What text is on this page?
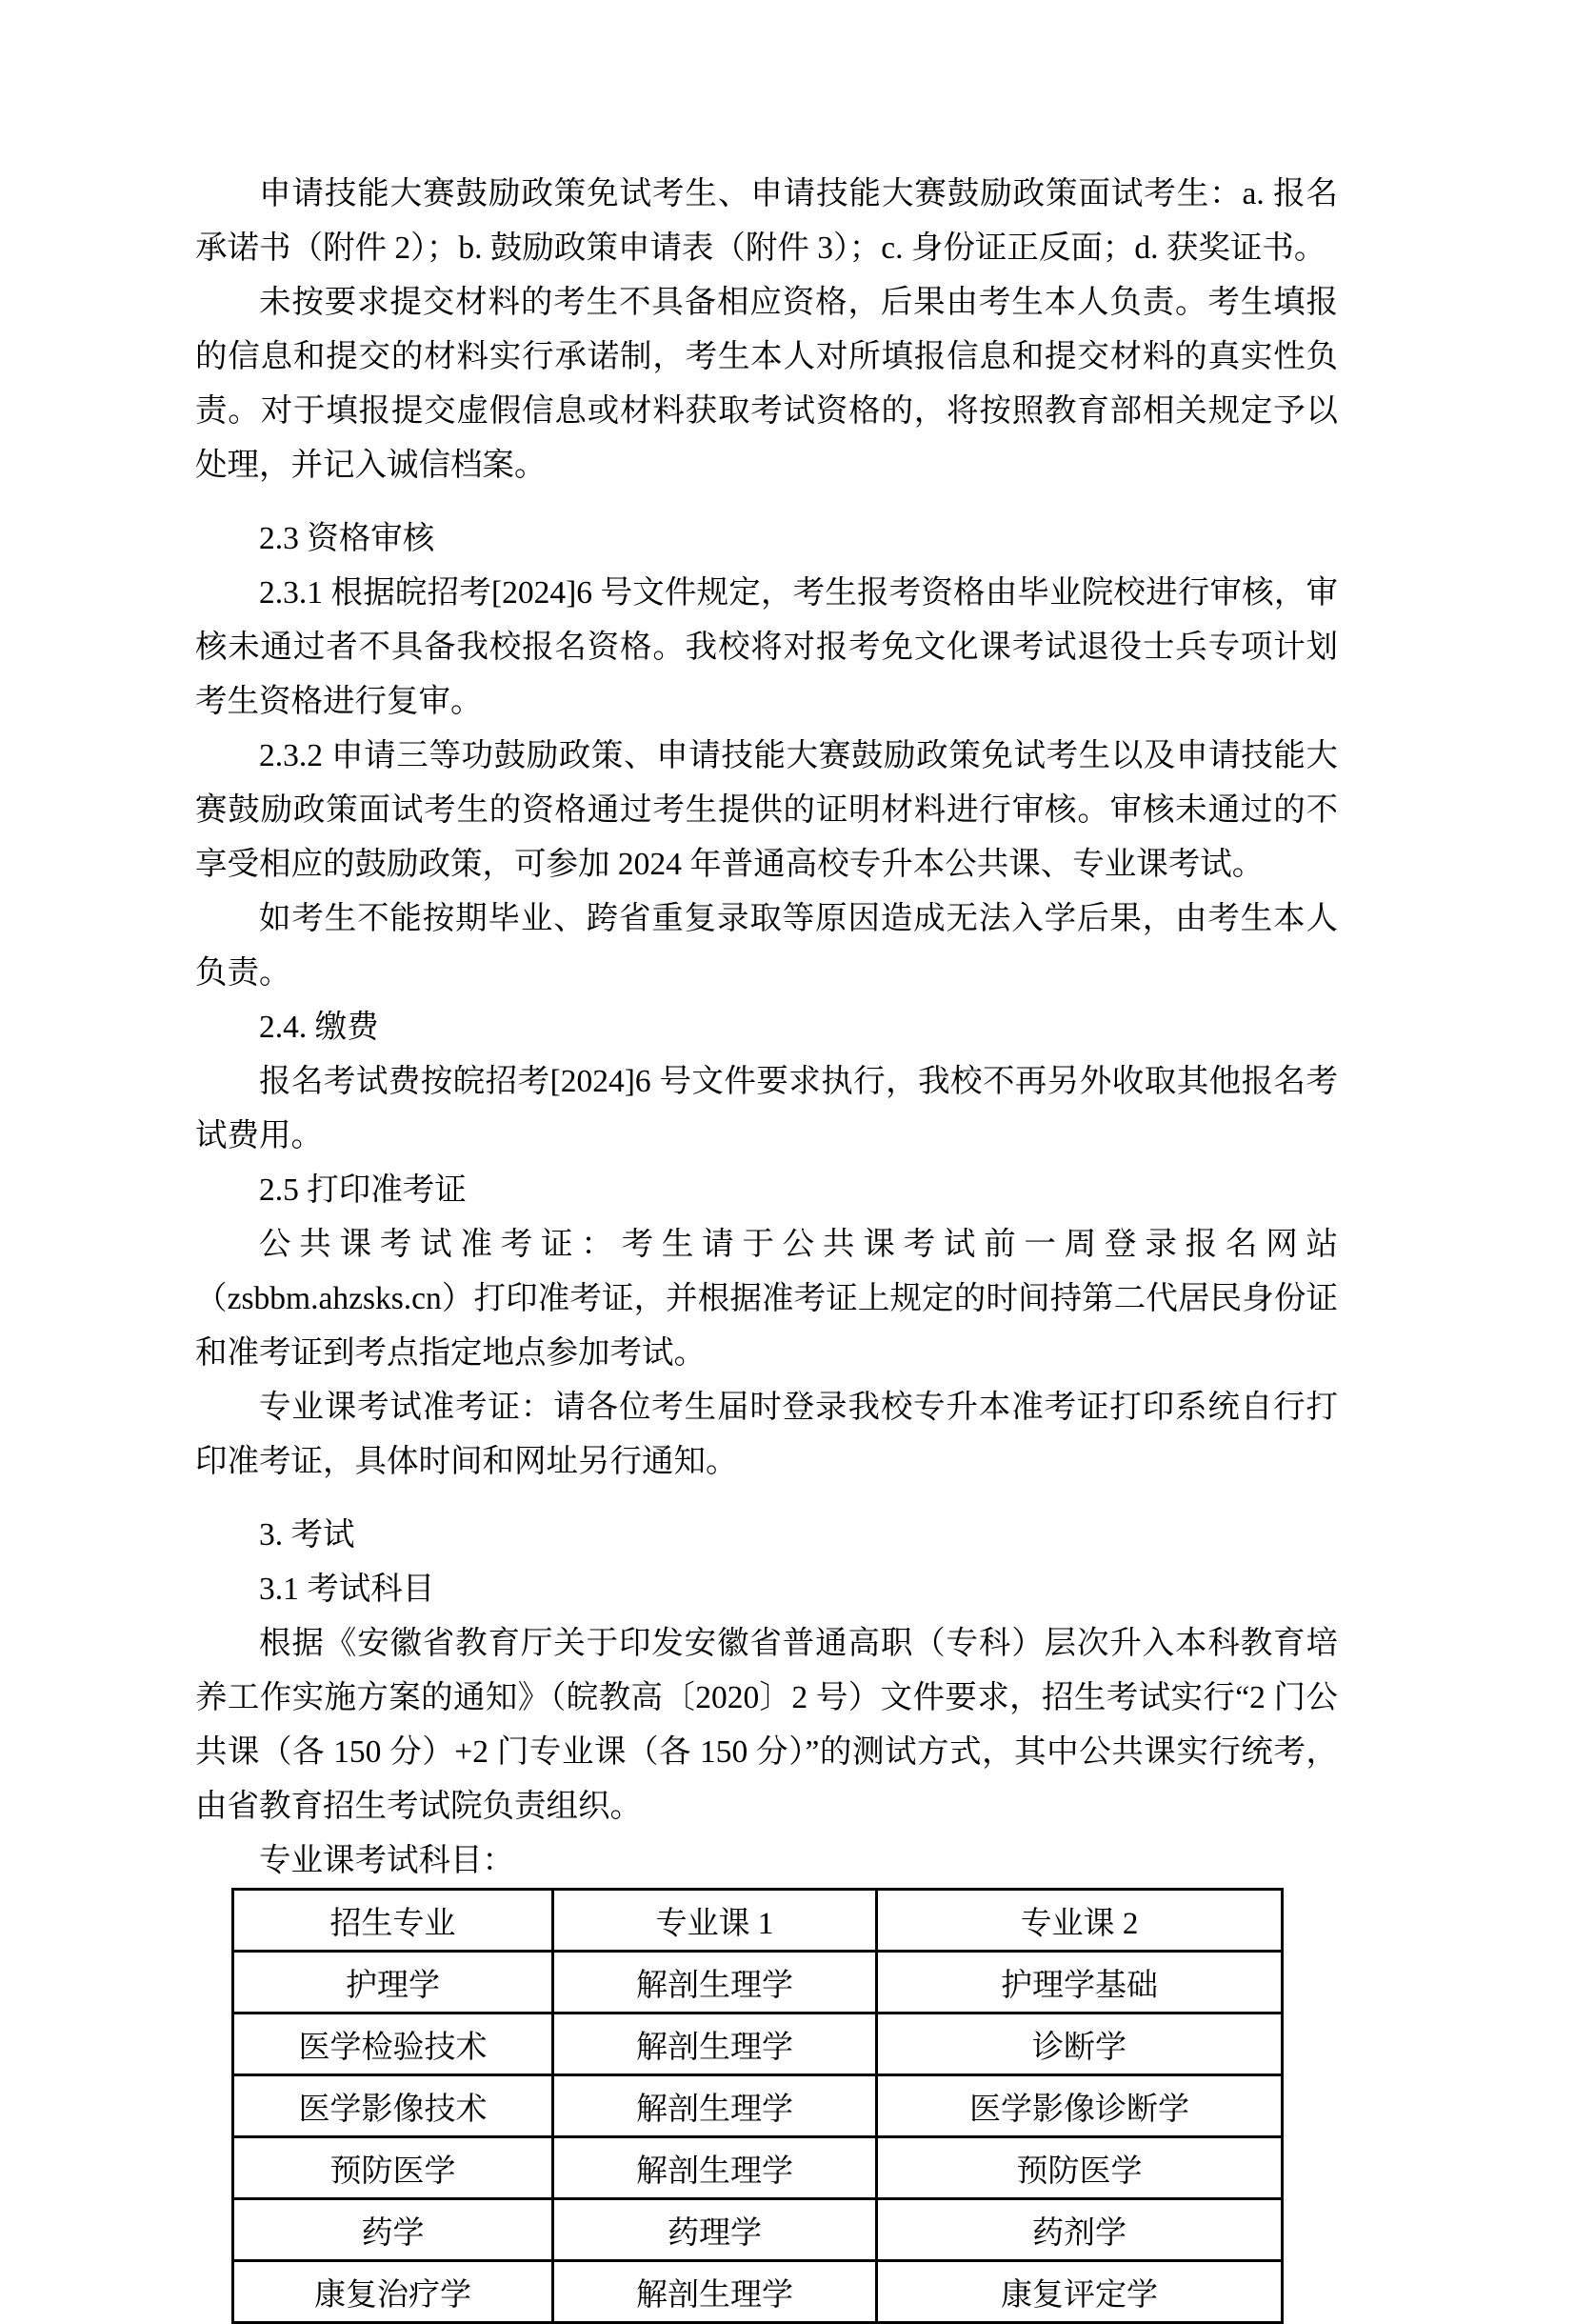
申请技能大赛鼓励政策免试考生、申请技能大赛鼓励政策面试考生：a. 报名承诺书（附件 2）；b. 鼓励政策申请表（附件 3）；c. 身份证正反面；d. 获奖证书。

未按要求提交材料的考生不具备相应资格，后果由考生本人负责。考生填报的信息和提交的材料实行承诺制，考生本人对所填报信息和提交材料的真实性负责。对于填报提交虚假信息或材料获取考试资格的，将按照教育部相关规定予以处理，并记入诚信档案。

2.3 资格审核

2.3.1 根据皖招考[2024]6 号文件规定，考生报考资格由毕业院校进行审核，审核未通过者不具备我校报名资格。我校将对报考免文化课考试退役士兵专项计划考生资格进行复审。

2.3.2 申请三等功鼓励政策、申请技能大赛鼓励政策免试考生以及申请技能大赛鼓励政策面试考生的资格通过考生提供的证明材料进行审核。审核未通过的不享受相应的鼓励政策，可参加 2024 年普通高校专升本公共课、专业课考试。

如考生不能按期毕业、跨省重复录取等原因造成无法入学后果，由考生本人负责。

2.4. 缴费

报名考试费按皖招考[2024]6 号文件要求执行，我校不再另外收取其他报名考试费用。

2.5 打印准考证

公共课考试准考证：考生请于公共课考试前一周登录报名网站（zsbbm.ahzsks.cn）打印准考证，并根据准考证上规定的时间持第二代居民身份证和准考证到考点指定地点参加考试。

专业课考试准考证：请各位考生届时登录我校专升本准考证打印系统自行打印准考证，具体时间和网址另行通知。

3. 考试

3.1 考试科目

根据《安徽省教育厅关于印发安徽省普通高职（专科）层次升入本科教育培养工作实施方案的通知》（皖教高〔2020〕2 号）文件要求，招生考试实行“2 门公共课（各 150 分）+2 门专业课（各 150 分）”的测试方式，其中公共课实行统考，由省教育招生考试院负责组织。

专业课考试科目：

招生专业	专业课 1	专业课 2
护理学	解剖生理学	护理学基础
医学检验技术	解剖生理学	诊断学
医学影像技术	解剖生理学	医学影像诊断学
预防医学	解剖生理学	预防医学
药学	药理学	药剂学
康复治疗学	解剖生理学	康复评定学
